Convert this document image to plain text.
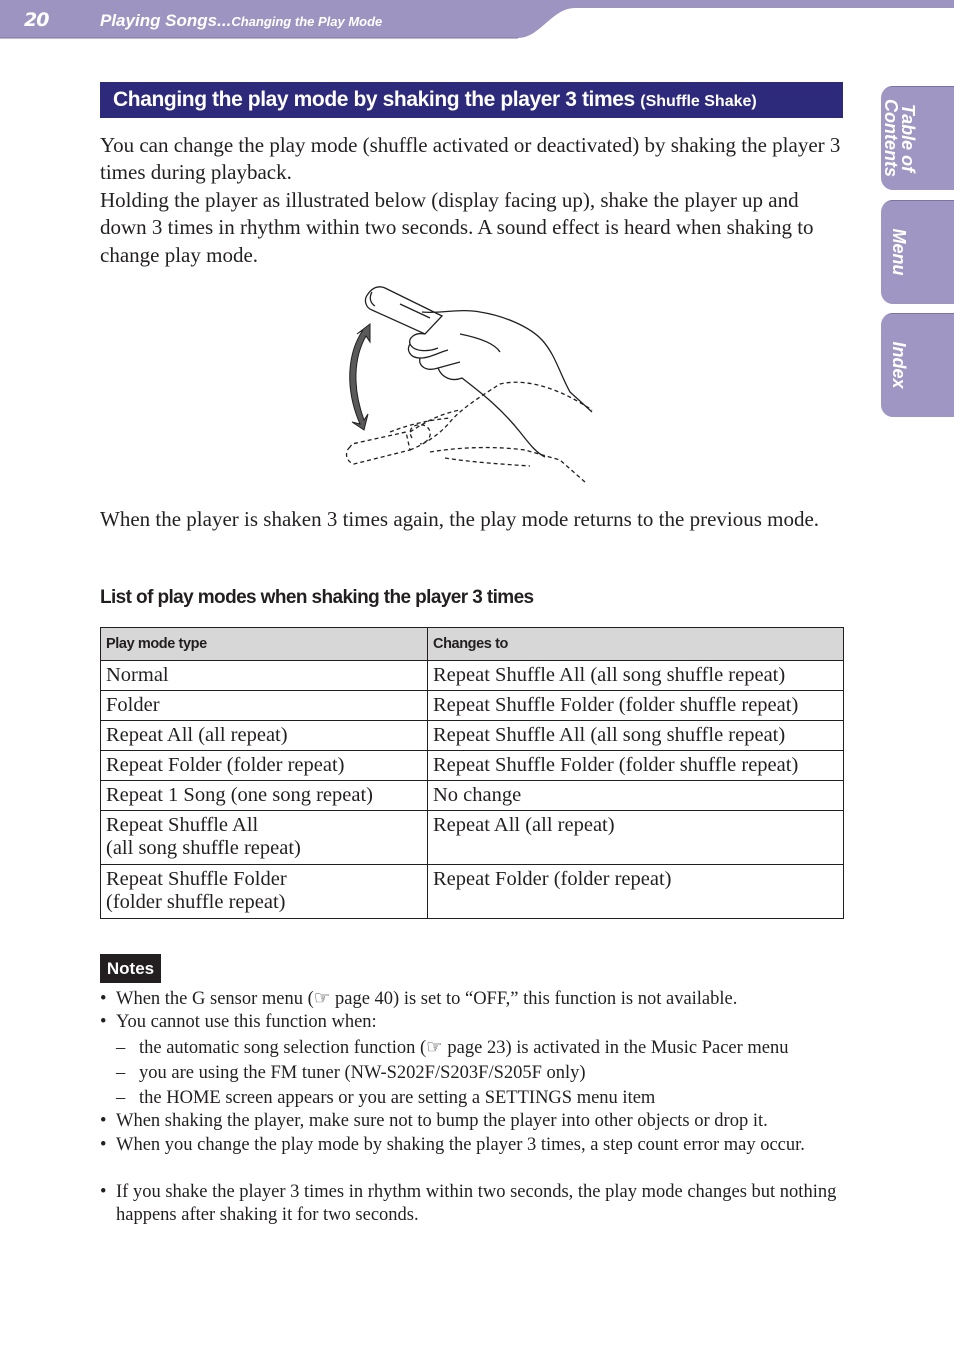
20	Playing Songs...Changing the Play Mode
Table of Contents
Menu
Index
Changing the play mode by shaking the player 3 times (Shuffle Shake)

You can change the play mode (shuffle activated or deactivated) by shaking the player 3 times during playback.

Holding the player as illustrated below (display facing up), shake the player up and down 3 times in rhythm within two seconds. A sound effect is heard when shaking to change play mode.

When the player is shaken 3 times again, the play mode returns to the previous mode.

List of play modes when shaking the player 3 times
Play mode type	Changes to
Normal	Repeat Shuffle All (all song shuffle repeat)
Folder	Repeat Shuffle Folder (folder shuffle repeat)
Repeat All (all repeat)	Repeat Shuffle All (all song shuffle repeat)
Repeat Folder (folder repeat)	Repeat Shuffle Folder (folder shuffle repeat)
Repeat 1 Song (one song repeat)	No change
Repeat Shuffle All
(all song shuffle repeat)	Repeat All (all repeat)
Repeat Shuffle Folder
(folder shuffle repeat)	Repeat Folder (folder repeat)
Notes
• When the G sensor menu (☞ page 40) is set to “OFF,” this function is not available.
• You cannot use this function when:
– the automatic song selection function (☞ page 23) is activated in the Music Pacer menu
– you are using the FM tuner (NW-S202F/S203F/S205F only)
– the HOME screen appears or you are setting a SETTINGS menu item
• When shaking the player, make sure not to bump the player into other objects or drop it.
• When you change the play mode by shaking the player 3 times, a step count error may occur.
• If you shake the player 3 times in rhythm within two seconds, the play mode changes but nothing happens after shaking it for two seconds.
